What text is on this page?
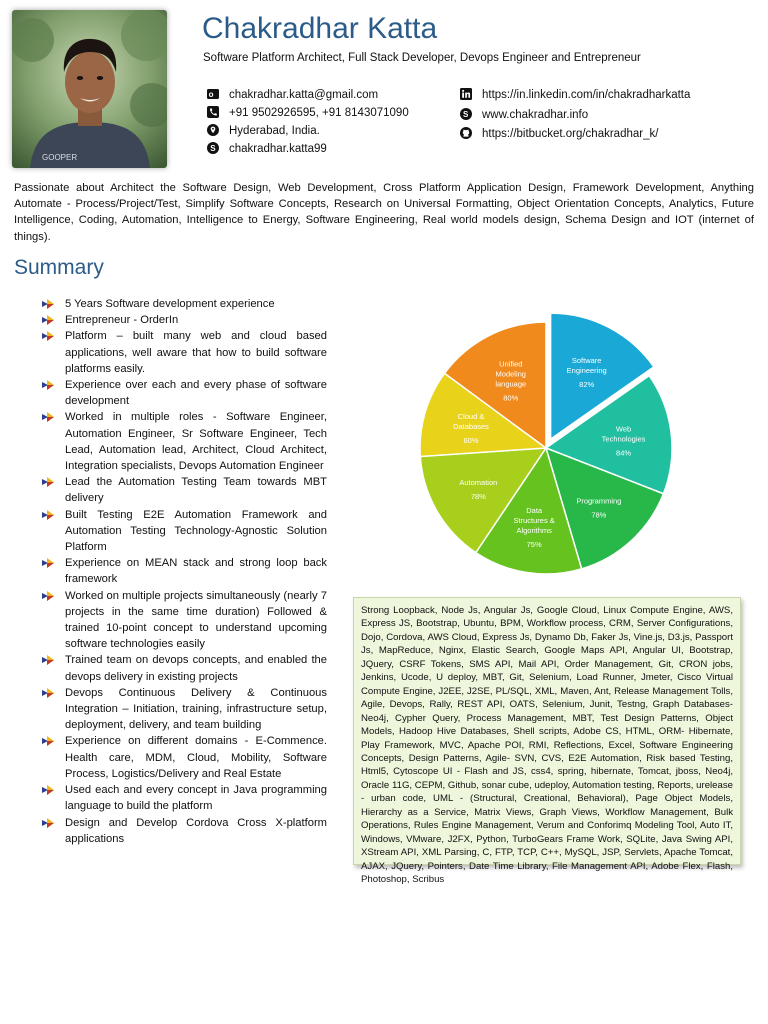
GOOPER
Chakradhar Katta
Software Platform Architect, Full Stack Developer, Devops Engineer and Entrepreneur
o chakradhar.katta@gmail.com
+91 9502926595, +91 8143071090
Hyderabad, India.
S chakradhar.katta99
https://in.linkedin.com/in/chakradharkatta
S www.chakradhar.info
https://bitbucket.org/chakradhar_k/
Passionate about Architect the Software Design, Web Development, Cross Platform Application Design, Framework Development, Anything Automate - Process/Project/Test, Simplify Software Concepts, Research on Universal Formatting, Object Orientation Concepts, Analytics, Future Intelligence, Coding, Automation, Intelligence to Energy, Software Engineering, Real world models design, Schema Design and IOT (internet of things).
Summary
5 Years Software development experience
Entrepreneur - OrderIn
Platform – built many web and cloud based applications, well aware that how to build software platforms easily.
Experience over each and every phase of software development
Worked in multiple roles - Software Engineer, Automation Engineer, Sr Software Engineer, Tech Lead, Automation lead, Architect, Cloud Architect, Integration specialists, Devops Automation Engineer
Lead the Automation Testing Team towards MBT delivery
Built Testing E2E Automation Framework and Automation Testing Technology-Agnostic Solution Platform
Experience on MEAN stack and strong loop back framework
Worked on multiple projects simultaneously (nearly 7 projects in the same time duration) Followed & trained 10-point concept to understand upcoming software technologies easily
Trained team on devops concepts, and enabled the devops delivery in existing projects
Devops Continuous Delivery & Continuous Integration – Initiation, training, infrastructure setup, deployment, delivery, and team building
Experience on different domains - E-Commence. Health care, MDM, Cloud, Mobility, Software Process, Logistics/Delivery and Real Estate
Used each and every concept in Java programming language to build the platform
Design and Develop Cordova Cross X-platform applications
Software Engineering
82%
Web Technologies
84%
Programming
78%
Data Structures & Algorithms
75%
Automation
78%
Cloud & Databases
60%
Unified Modeling language
80%
Strong Loopback, Node Js, Angular Js, Google Cloud, Linux Compute Engine, AWS, Express JS, Bootstrap, Ubuntu, BPM, Workflow process, CRM, Server Configurations, Dojo, Cordova, AWS Cloud, Express Js, Dynamo Db, Faker Js, Vine.js, D3.js, Passport Js, MapReduce, Nginx, Elastic Search, Google Maps API, Angular UI, Bootstrap, JQuery, CSRF Tokens, SMS API, Mail API, Order Management, Git, CRON jobs, Jenkins, Ucode, U deploy, MBT, Git, Selenium, Load Runner, Jmeter, Cisco Virtual Compute Engine, J2EE, J2SE, PL/SQL, XML, Maven, Ant, Release Management Tolls, Agile, Devops, Rally, REST API, OATS, Selenium, Junit, Testng, Graph Databases-Neo4j, Cypher Query, Process Management, MBT, Test Design Patterns, Object Models, Hadoop Hive Databases, Shell scripts, Adobe CS, HTML, ORM- Hibernate, Play Framework, MVC, Apache POI, RMI, Reflections, Excel, Software Engineering Concepts, Design Patterns, Agile- SVN, CVS, E2E Automation, Risk based Testing, Html5, Cytoscope UI - Flash and JS, css4, spring, hibernate, Tomcat, jboss, Neo4j, Oracle 11G, CEPM, Github, sonar cube, udeploy, Automation testing, Reports, urelease - urban code, UML - (Structural, Creational, Behavioral), Page Object Models, Hierarchy as a Service, Matrix Views, Graph Views, Workflow Management, Bulk Operations, Rules Engine Management, Verum and Conforimq Modeling Tool, Auto IT, Windows, VMware, J2FX, Python, TurboGears Frame Work, SQLite, Java Swing API, XStream API, XML Parsing, C, FTP, TCP, C++, MySQL, JSP, Servlets, Apache Tomcat, AJAX, JQuery, Pointers, Date Time Library, File Management API, Adobe Flex, Flash, Photoshop, Scribus
